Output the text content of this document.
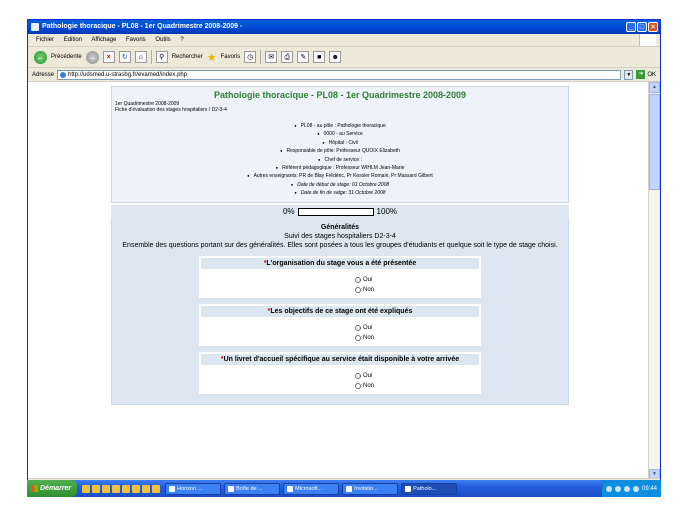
Pathologie thoracique - PL08 - 1er Quadrimestre 2008-2009 -	_ □ ×
Fichier Edition Affichage Favoris Outils ?
←	Précédente →	×	↻	⌂	⚲	Rechercher ★ Favoris ◷	✉	⎙	✎	■	☻
Adresse http://udsmed.u-strasbg.fr/evamed/index.php	▼	➜ OK
Pathologie thoracique - PL08 - 1er Quadrimestre 2008-2009
1er Quadrimestre 2008-2009
Fiche d'évaluation des stages hospitaliers / D2-3-4
● PL08 - au pôle : Pathologie thoracique
● 0000 - au Service
● Hôpital : Civil
● Responsable de pôle: Professeur QUOIX Elizabeth
● Chef de service :
● Référent pédagogique : Professeur WIHLM Jean-Marie
● Autres enseignants: PR de Blay Frédéric, Pr Kessler Romain, Pr Massard Gilbert
● Date de début de stage: 01 Octobre 2008
● Date de fin de satge: 31 Octobre 2008
0%	100%
Généralités
Suivi des stages hospitaliers D2-3-4
Ensemble des questions portant sur des généralités. Elles sont posées a tous les groupes d'étudiants et quelque soit le type de stage choisi.
*L'organisation du stage vous a été présentée
Oui
Non
*Les objectifs de ce stage ont été expliqués
Oui
Non
*Un livret d'accueil spécifique au service était disponible à votre arrivée
Oui
Non
▲
▼
Démarrer	Horizon ...	Boîte de ...	Microsoft...	Invitatio...	Patholo...	09:44
